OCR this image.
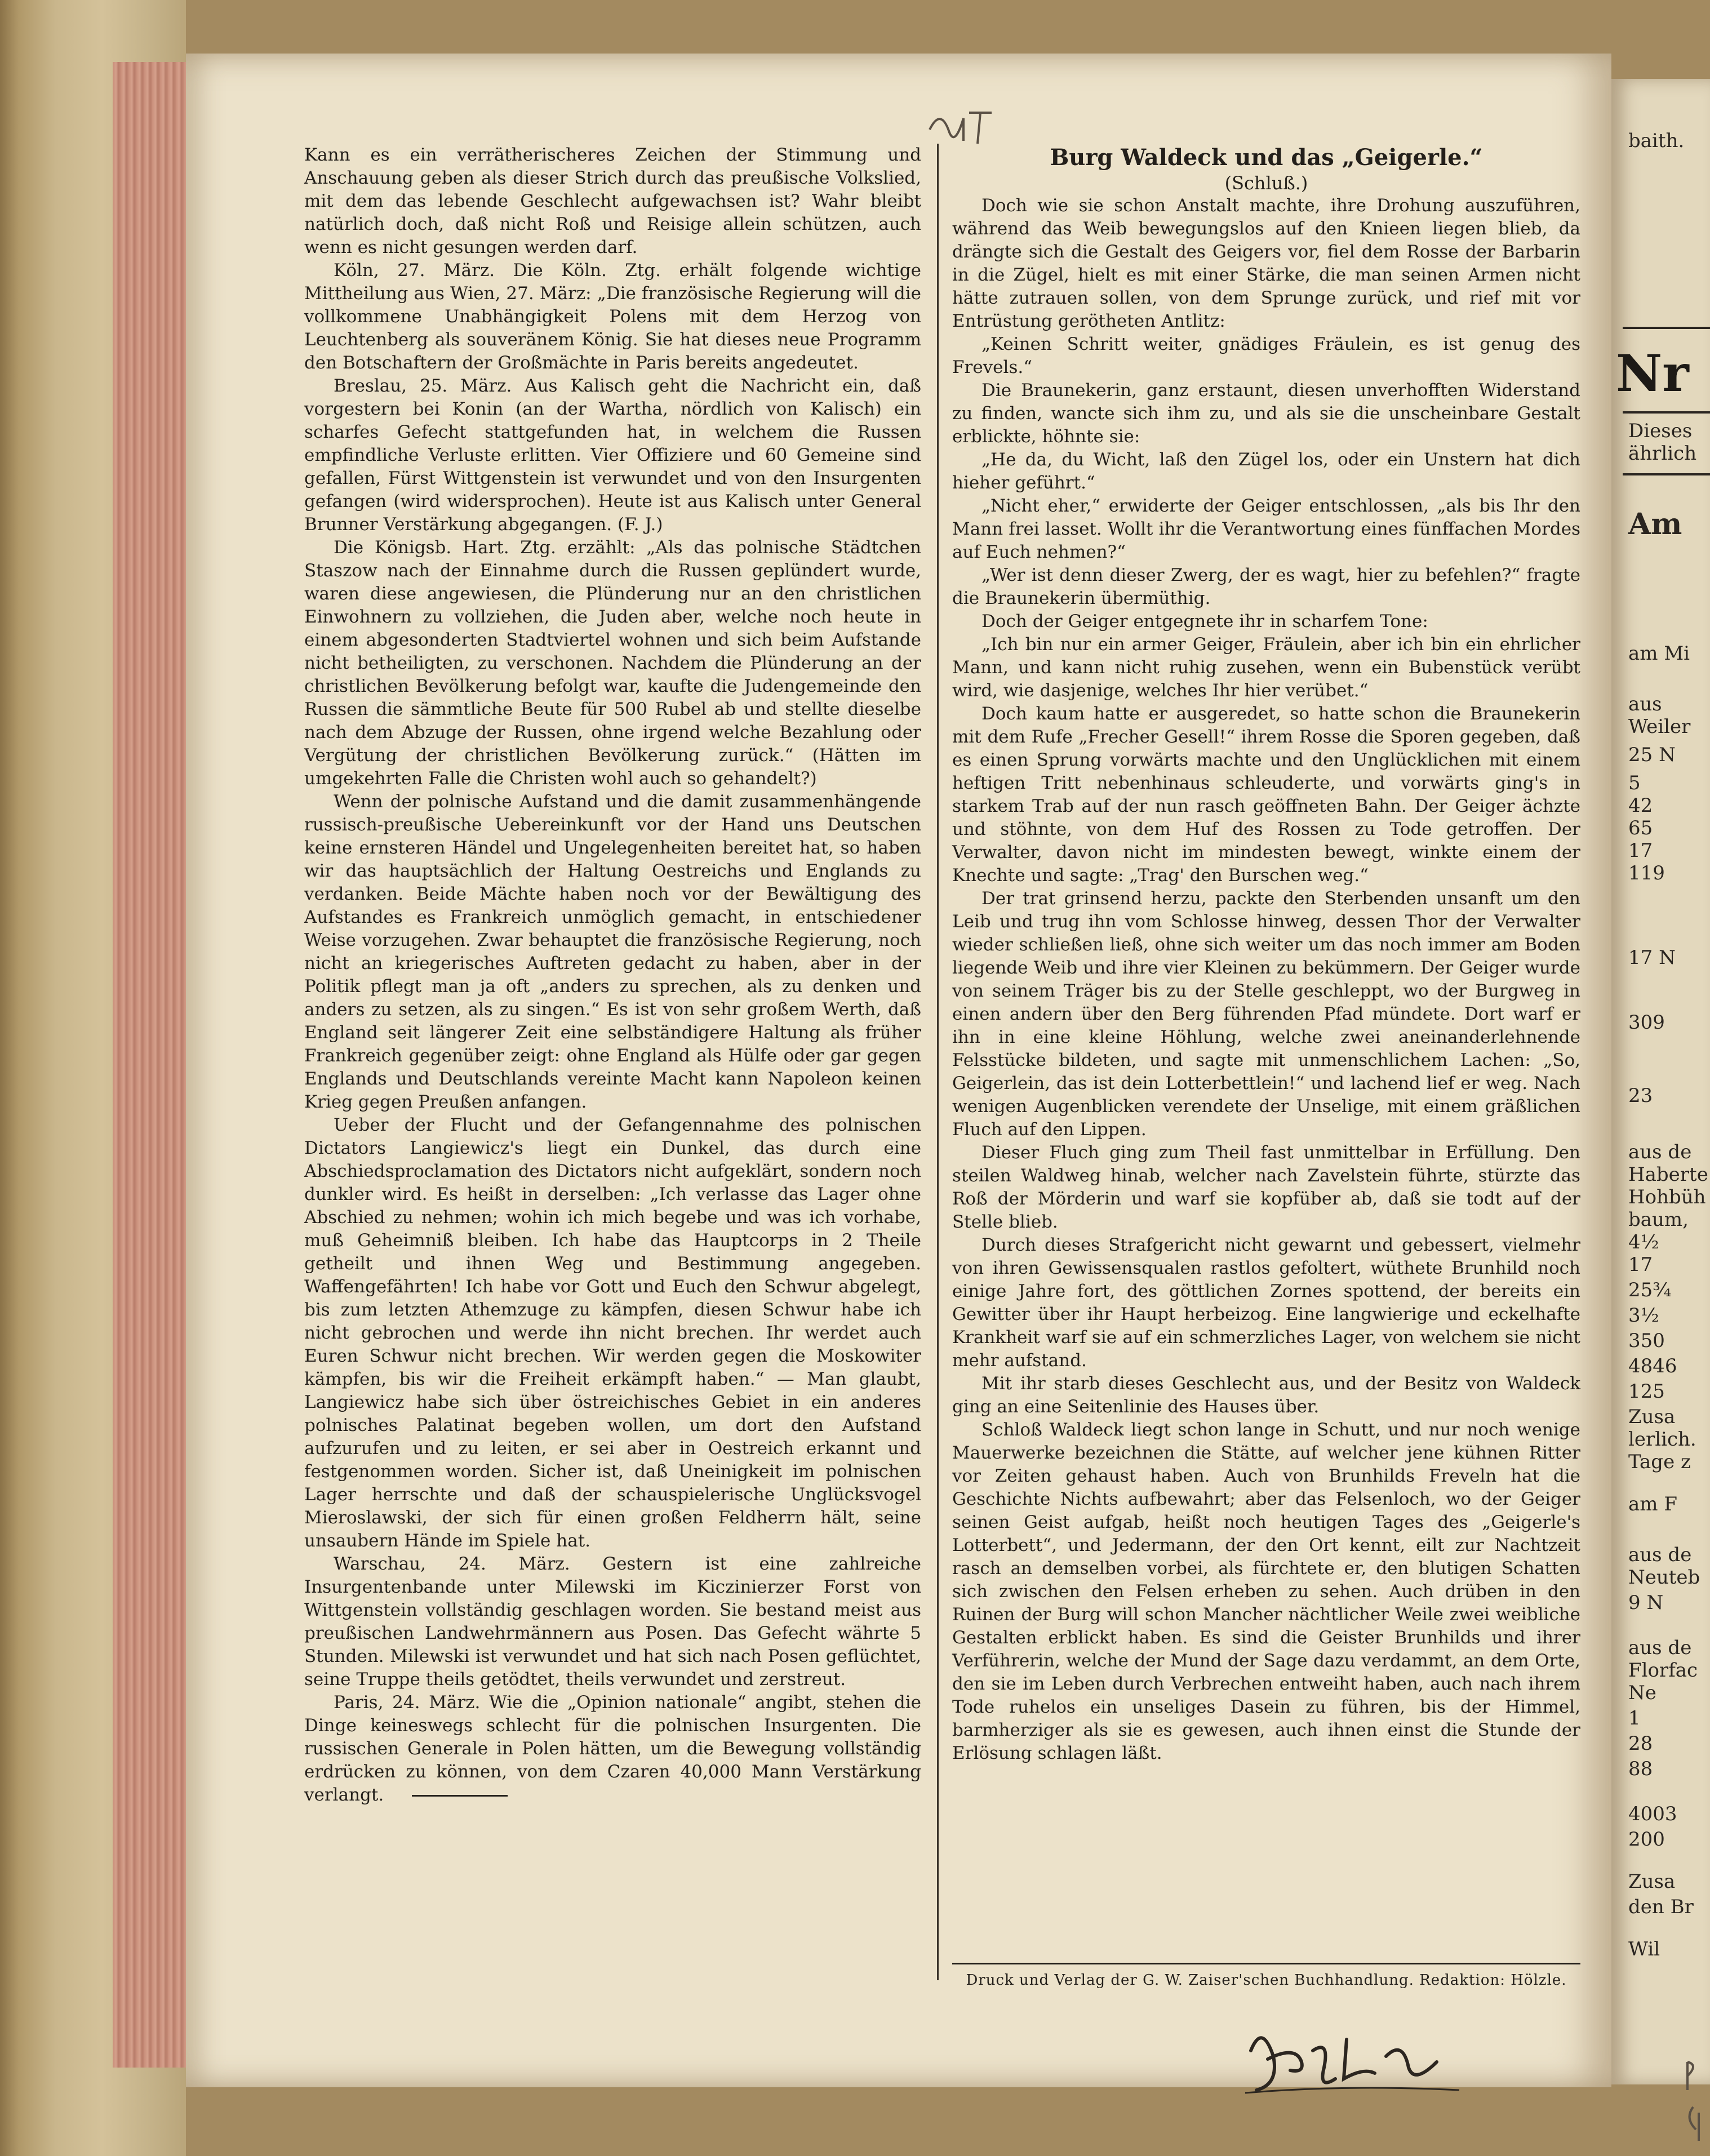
Kann es ein verrätherischeres Zeichen der Stimmung und Anschauung geben als dieser Strich durch das preußische Volkslied, mit dem das lebende Geschlecht aufgewachsen ist? Wahr bleibt natürlich doch, daß nicht Roß und Reisige allein schützen, auch wenn es nicht gesungen werden darf.

Köln, 27. März. Die Köln. Ztg. erhält folgende wichtige Mittheilung aus Wien, 27. März: „Die französische Regierung will die vollkommene Unabhängigkeit Polens mit dem Herzog von Leuchtenberg als souveränem König. Sie hat dieses neue Programm den Botschaftern der Großmächte in Paris bereits angedeutet.

Breslau, 25. März. Aus Kalisch geht die Nachricht ein, daß vorgestern bei Konin (an der Wartha, nördlich von Kalisch) ein scharfes Gefecht stattgefunden hat, in welchem die Russen empfindliche Verluste erlitten. Vier Offiziere und 60 Gemeine sind gefallen, Fürst Wittgenstein ist verwundet und von den Insurgenten gefangen (wird widersprochen). Heute ist aus Kalisch unter General Brunner Verstärkung abgegangen. (F. J.)

Die Königsb. Hart. Ztg. erzählt: „Als das polnische Städtchen Staszow nach der Einnahme durch die Russen geplündert wurde, waren diese angewiesen, die Plünderung nur an den christlichen Einwohnern zu vollziehen, die Juden aber, welche noch heute in einem abgesonderten Stadtviertel wohnen und sich beim Aufstande nicht betheiligten, zu verschonen. Nachdem die Plünderung an der christlichen Bevölkerung befolgt war, kaufte die Judengemeinde den Russen die sämmtliche Beute für 500 Rubel ab und stellte dieselbe nach dem Abzuge der Russen, ohne irgend welche Bezahlung oder Vergütung der christlichen Bevölkerung zurück.“ (Hätten im umgekehrten Falle die Christen wohl auch so gehandelt?)

Wenn der polnische Aufstand und die damit zusammenhängende russisch-preußische Uebereinkunft vor der Hand uns Deutschen keine ernsteren Händel und Ungelegenheiten bereitet hat, so haben wir das hauptsächlich der Haltung Oestreichs und Englands zu verdanken. Beide Mächte haben noch vor der Bewältigung des Aufstandes es Frankreich unmöglich gemacht, in entschiedener Weise vorzugehen. Zwar behauptet die französische Regierung, noch nicht an kriegerisches Auftreten gedacht zu haben, aber in der Politik pflegt man ja oft „anders zu sprechen, als zu denken und anders zu setzen, als zu singen.“ Es ist von sehr großem Werth, daß England seit längerer Zeit eine selbständigere Haltung als früher Frankreich gegenüber zeigt: ohne England als Hülfe oder gar gegen Englands und Deutschlands vereinte Macht kann Napoleon keinen Krieg gegen Preußen anfangen.

Ueber der Flucht und der Gefangennahme des polnischen Dictators Langiewicz's liegt ein Dunkel, das durch eine Abschiedsproclamation des Dictators nicht aufgeklärt, sondern noch dunkler wird. Es heißt in derselben: „Ich verlasse das Lager ohne Abschied zu nehmen; wohin ich mich begebe und was ich vorhabe, muß Geheimniß bleiben. Ich habe das Hauptcorps in 2 Theile getheilt und ihnen Weg und Bestimmung angegeben. Waffengefährten! Ich habe vor Gott und Euch den Schwur abgelegt, bis zum letzten Athemzuge zu kämpfen, diesen Schwur habe ich nicht gebrochen und werde ihn nicht brechen. Ihr werdet auch Euren Schwur nicht brechen. Wir werden gegen die Moskowiter kämpfen, bis wir die Freiheit erkämpft haben.“ — Man glaubt, Langiewicz habe sich über östreichisches Gebiet in ein anderes polnisches Palatinat begeben wollen, um dort den Aufstand aufzurufen und zu leiten, er sei aber in Oestreich erkannt und festgenommen worden. Sicher ist, daß Uneinigkeit im polnischen Lager herrschte und daß der schauspielerische Unglücksvogel Mieroslawski, der sich für einen großen Feldherrn hält, seine unsaubern Hände im Spiele hat.

Warschau, 24. März. Gestern ist eine zahlreiche Insurgentenbande unter Milewski im Kiczinierzer Forst von Wittgenstein vollständig geschlagen worden. Sie bestand meist aus preußischen Landwehrmännern aus Posen. Das Gefecht währte 5 Stunden. Milewski ist verwundet und hat sich nach Posen geflüchtet, seine Truppe theils getödtet, theils verwundet und zerstreut.

Paris, 24. März. Wie die „Opinion nationale“ angibt, stehen die Dinge keineswegs schlecht für die polnischen Insurgenten. Die russischen Generale in Polen hätten, um die Bewegung vollständig erdrücken zu können, von dem Czaren 40,000 Mann Verstärkung verlangt.

Burg Waldeck und das „Geigerle.“

(Schluß.)

Doch wie sie schon Anstalt machte, ihre Drohung auszuführen, während das Weib bewegungslos auf den Knieen liegen blieb, da drängte sich die Gestalt des Geigers vor, fiel dem Rosse der Barbarin in die Zügel, hielt es mit einer Stärke, die man seinen Armen nicht hätte zutrauen sollen, von dem Sprunge zurück, und rief mit vor Entrüstung gerötheten Antlitz:

„Keinen Schritt weiter, gnädiges Fräulein, es ist genug des Frevels.“

Die Braunekerin, ganz erstaunt, diesen unverhofften Widerstand zu finden, wancte sich ihm zu, und als sie die unscheinbare Gestalt erblickte, höhnte sie:

„He da, du Wicht, laß den Zügel los, oder ein Unstern hat dich hieher geführt.“

„Nicht eher,“ erwiderte der Geiger entschlossen, „als bis Ihr den Mann frei lasset. Wollt ihr die Verantwortung eines fünffachen Mordes auf Euch nehmen?“

„Wer ist denn dieser Zwerg, der es wagt, hier zu befehlen?“ fragte die Braunekerin übermüthig.

Doch der Geiger entgegnete ihr in scharfem Tone:

„Ich bin nur ein armer Geiger, Fräulein, aber ich bin ein ehrlicher Mann, und kann nicht ruhig zusehen, wenn ein Bubenstück verübt wird, wie dasjenige, welches Ihr hier verübet.“

Doch kaum hatte er ausgeredet, so hatte schon die Braunekerin mit dem Rufe „Frecher Gesell!“ ihrem Rosse die Sporen gegeben, daß es einen Sprung vorwärts machte und den Unglücklichen mit einem heftigen Tritt nebenhinaus schleuderte, und vorwärts ging's in starkem Trab auf der nun rasch geöffneten Bahn. Der Geiger ächzte und stöhnte, von dem Huf des Rossen zu Tode getroffen. Der Verwalter, davon nicht im mindesten bewegt, winkte einem der Knechte und sagte: „Trag' den Burschen weg.“

Der trat grinsend herzu, packte den Sterbenden unsanft um den Leib und trug ihn vom Schlosse hinweg, dessen Thor der Verwalter wieder schließen ließ, ohne sich weiter um das noch immer am Boden liegende Weib und ihre vier Kleinen zu bekümmern. Der Geiger wurde von seinem Träger bis zu der Stelle geschleppt, wo der Burgweg in einen andern über den Berg führenden Pfad mündete. Dort warf er ihn in eine kleine Höhlung, welche zwei aneinanderlehnende Felsstücke bildeten, und sagte mit unmenschlichem Lachen: „So, Geigerlein, das ist dein Lotterbettlein!“ und lachend lief er weg. Nach wenigen Augenblicken verendete der Unselige, mit einem gräßlichen Fluch auf den Lippen.

Dieser Fluch ging zum Theil fast unmittelbar in Erfüllung. Den steilen Waldweg hinab, welcher nach Zavelstein führte, stürzte das Roß der Mörderin und warf sie kopfüber ab, daß sie todt auf der Stelle blieb.

Durch dieses Strafgericht nicht gewarnt und gebessert, vielmehr von ihren Gewissensqualen rastlos gefoltert, wüthete Brunhild noch einige Jahre fort, des göttlichen Zornes spottend, der bereits ein Gewitter über ihr Haupt herbeizog. Eine langwierige und eckelhafte Krankheit warf sie auf ein schmerzliches Lager, von welchem sie nicht mehr aufstand.

Mit ihr starb dieses Geschlecht aus, und der Besitz von Waldeck ging an eine Seitenlinie des Hauses über.

Schloß Waldeck liegt schon lange in Schutt, und nur noch wenige Mauerwerke bezeichnen die Stätte, auf welcher jene kühnen Ritter vor Zeiten gehaust haben. Auch von Brunhilds Freveln hat die Geschichte Nichts aufbewahrt; aber das Felsenloch, wo der Geiger seinen Geist aufgab, heißt noch heutigen Tages des „Geigerle's Lotterbett“, und Jedermann, der den Ort kennt, eilt zur Nachtzeit rasch an demselben vorbei, als fürchtete er, den blutigen Schatten sich zwischen den Felsen erheben zu sehen. Auch drüben in den Ruinen der Burg will schon Mancher nächtlicher Weile zwei weibliche Gestalten erblickt haben. Es sind die Geister Brunhilds und ihrer Verführerin, welche der Mund der Sage dazu verdammt, an dem Orte, den sie im Leben durch Verbrechen entweiht haben, auch nach ihrem Tode ruhelos ein unseliges Dasein zu führen, bis der Himmel, barmherziger als sie es gewesen, auch ihnen einst die Stunde der Erlösung schlagen läßt.

Druck und Verlag der G. W. Zaiser'schen Buchhandlung. Redaktion: Hölzle.
baith.
Nr
Dieses
ährlich
Am
am Mi
aus
Weiler
25 N
5
42
65
17
119
17 N
309
23
aus de
Haberte
Hohbüh
baum,
4½
17
25¾
3½
350
4846
125
Zusa
lerlich.
Tage z
am F
aus de
Neuteb
9 N
aus de
Florfac
Ne
1
28
88
4003
200
Zusa
den Br
Wil
